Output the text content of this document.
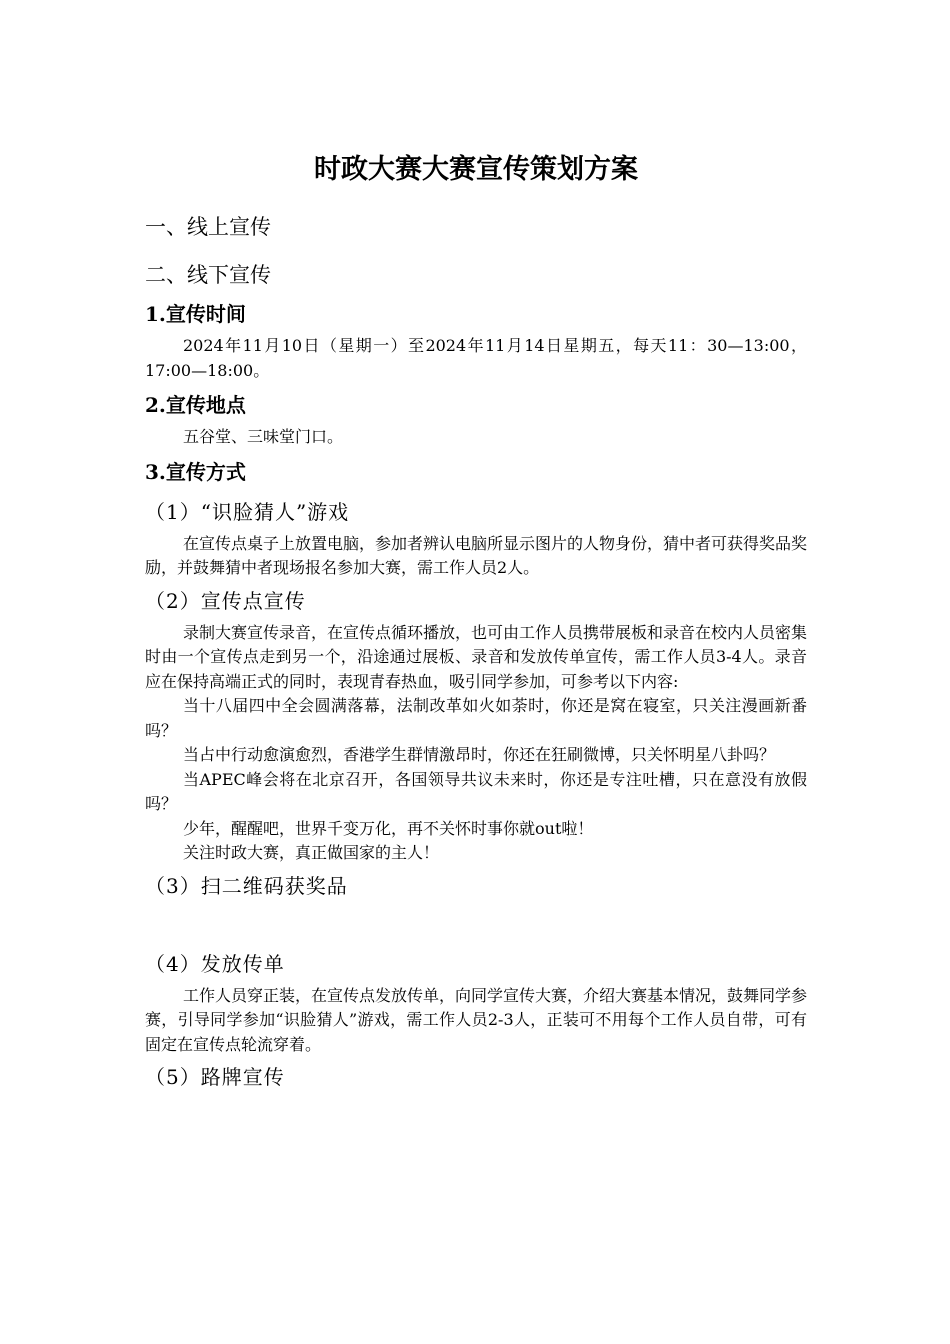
时政大赛大赛宣传策划方案
一、线上宣传
二、线下宣传
1.宣传时间

2024年11月10日（星期一）至2024年11月14日星期五，每天11：30—13:00，17:00—18:00。

2.宣传地点

五谷堂、三味堂门口。

3.宣传方式
（1）“识脸猜人”游戏

在宣传点桌子上放置电脑，参加者辨认电脑所显示图片的人物身份，猜中者可获得奖品奖励，并鼓舞猜中者现场报名参加大赛，需工作人员2人。

（2）宣传点宣传

录制大赛宣传录音，在宣传点循环播放，也可由工作人员携带展板和录音在校内人员密集时由一个宣传点走到另一个，沿途通过展板、录音和发放传单宣传，需工作人员3-4人。录音应在保持高端正式的同时，表现青春热血，吸引同学参加，可参考以下内容:

当十八届四中全会圆满落幕，法制改革如火如荼时，你还是窝在寝室，只关注漫画新番吗？

当占中行动愈演愈烈，香港学生群情激昂时，你还在狂刷微博，只关怀明星八卦吗？

当APEC峰会将在北京召开，各国领导共议未来时，你还是专注吐槽，只在意没有放假吗？

少年，醒醒吧，世界千变万化，再不关怀时事你就out啦！

关注时政大赛，真正做国家的主人！

（3）扫二维码获奖品
（4）发放传单

工作人员穿正装，在宣传点发放传单，向同学宣传大赛，介绍大赛基本情况，鼓舞同学参赛，引导同学参加“识脸猜人”游戏，需工作人员2-3人，正装可不用每个工作人员自带，可有固定在宣传点轮流穿着。

（5）路牌宣传
